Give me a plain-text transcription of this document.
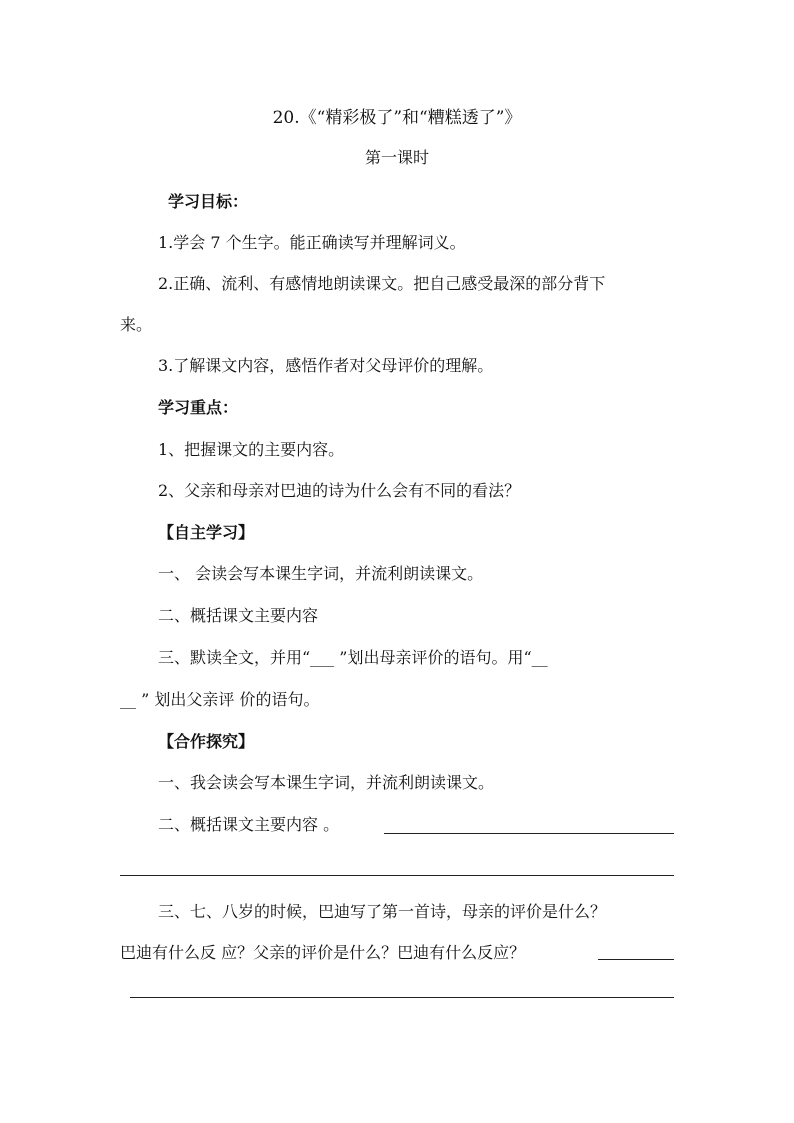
20.《“精彩极了”和“糟糕透了”》
第一课时
学习目标：
1.学会 7 个生字。能正确读写并理解词义。
2.正确、流利、有感情地朗读课文。把自己感受最深的部分背下
来。
3.了解课文内容，感悟作者对父母评价的理解。
学习重点：
1、把握课文的主要内容。
2、父亲和母亲对巴迪的诗为什么会有不同的看法？
【自主学习】
一、 会读会写本课生字词，并流利朗读课文。
二、概括课文主要内容
三、默读全文，并用“___ ”划出母亲评价的语句。用“__
__ ” 划出父亲评 价的语句。
【合作探究】
一、我会读会写本课生字词，并流利朗读课文。
二、概括课文主要内容 。
三、七、八岁的时候，巴迪写了第一首诗，母亲的评价是什么？
巴迪有什么反 应？父亲的评价是什么？巴迪有什么反应？
